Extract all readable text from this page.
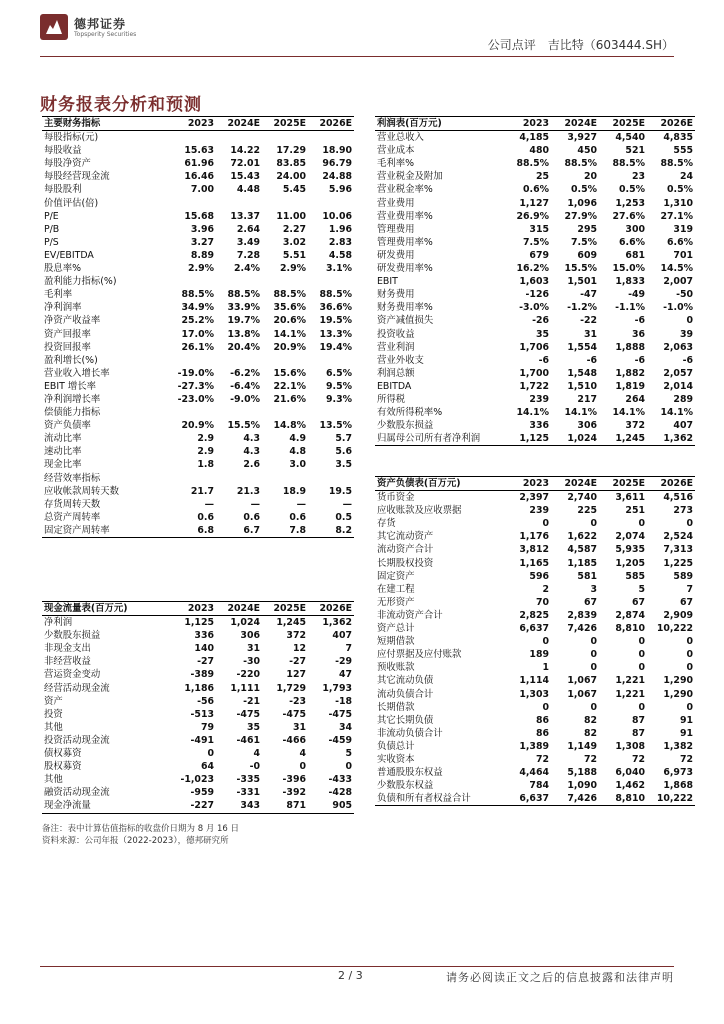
德邦证券
Topsperity Securities
公司点评　吉比特（603444.SH）
财务报表分析和预测
主要财务指标	2023	2024E	2025E	2026E
每股指标(元)				
每股收益	15.63	14.22	17.29	18.90
每股净资产	61.96	72.01	83.85	96.79
每股经营现金流	16.46	15.43	24.00	24.88
每股股利	7.00	4.48	5.45	5.96
价值评估(倍)				
P/E	15.68	13.37	11.00	10.06
P/B	3.96	2.64	2.27	1.96
P/S	3.27	3.49	3.02	2.83
EV/EBITDA	8.89	7.28	5.51	4.58
股息率%	2.9%	2.4%	2.9%	3.1%
盈利能力指标(%)				
毛利率	88.5%	88.5%	88.5%	88.5%
净利润率	34.9%	33.9%	35.6%	36.6%
净资产收益率	25.2%	19.7%	20.6%	19.5%
资产回报率	17.0%	13.8%	14.1%	13.3%
投资回报率	26.1%	20.4%	20.9%	19.4%
盈利增长(%)				
营业收入增长率	-19.0%	-6.2%	15.6%	6.5%
EBIT 增长率	-27.3%	-6.4%	22.1%	9.5%
净利润增长率	-23.0%	-9.0%	21.6%	9.3%
偿债能力指标				
资产负债率	20.9%	15.5%	14.8%	13.5%
流动比率	2.9	4.3	4.9	5.7
速动比率	2.9	4.3	4.8	5.6
现金比率	1.8	2.6	3.0	3.5
经营效率指标				
应收帐款周转天数	21.7	21.3	18.9	19.5
存货周转天数	—	—	—	—
总资产周转率	0.6	0.6	0.6	0.5
固定资产周转率	6.8	6.7	7.8	8.2
现金流量表(百万元)	2023	2024E	2025E	2026E
净利润	1,125	1,024	1,245	1,362
少数股东损益	336	306	372	407
非现金支出	140	31	12	7
非经营收益	-27	-30	-27	-29
营运资金变动	-389	-220	127	47
经营活动现金流	1,186	1,111	1,729	1,793
资产	-56	-21	-23	-18
投资	-513	-475	-475	-475
其他	79	35	31	34
投资活动现金流	-491	-461	-466	-459
债权募资	0	4	4	5
股权募资	64	-0	0	0
其他	-1,023	-335	-396	-433
融资活动现金流	-959	-331	-392	-428
现金净流量	-227	343	871	905
利润表(百万元)	2023	2024E	2025E	2026E
营业总收入	4,185	3,927	4,540	4,835
营业成本	480	450	521	555
毛利率%	88.5%	88.5%	88.5%	88.5%
营业税金及附加	25	20	23	24
营业税金率%	0.6%	0.5%	0.5%	0.5%
营业费用	1,127	1,096	1,253	1,310
营业费用率%	26.9%	27.9%	27.6%	27.1%
管理费用	315	295	300	319
管理费用率%	7.5%	7.5%	6.6%	6.6%
研发费用	679	609	681	701
研发费用率%	16.2%	15.5%	15.0%	14.5%
EBIT	1,603	1,501	1,833	2,007
财务费用	-126	-47	-49	-50
财务费用率%	-3.0%	-1.2%	-1.1%	-1.0%
资产减值损失	-26	-22	-6	0
投资收益	35	31	36	39
营业利润	1,706	1,554	1,888	2,063
营业外收支	-6	-6	-6	-6
利润总额	1,700	1,548	1,882	2,057
EBITDA	1,722	1,510	1,819	2,014
所得税	239	217	264	289
有效所得税率%	14.1%	14.1%	14.1%	14.1%
少数股东损益	336	306	372	407
归属母公司所有者净利润	1,125	1,024	1,245	1,362
资产负债表(百万元)	2023	2024E	2025E	2026E
货币资金	2,397	2,740	3,611	4,516
应收账款及应收票据	239	225	251	273
存货	0	0	0	0
其它流动资产	1,176	1,622	2,074	2,524
流动资产合计	3,812	4,587	5,935	7,313
长期股权投资	1,165	1,185	1,205	1,225
固定资产	596	581	585	589
在建工程	2	3	5	7
无形资产	70	67	67	67
非流动资产合计	2,825	2,839	2,874	2,909
资产总计	6,637	7,426	8,810	10,222
短期借款	0	0	0	0
应付票据及应付账款	189	0	0	0
预收账款	1	0	0	0
其它流动负债	1,114	1,067	1,221	1,290
流动负债合计	1,303	1,067	1,221	1,290
长期借款	0	0	0	0
其它长期负债	86	82	87	91
非流动负债合计	86	82	87	91
负债总计	1,389	1,149	1,308	1,382
实收资本	72	72	72	72
普通股股东权益	4,464	5,188	6,040	6,973
少数股东权益	784	1,090	1,462	1,868
负债和所有者权益合计	6,637	7,426	8,810	10,222
备注：表中计算估值指标的收盘价日期为 8 月 16 日
资料来源：公司年报（2022-2023），德邦研究所
2 / 3	请务必阅读正文之后的信息披露和法律声明
